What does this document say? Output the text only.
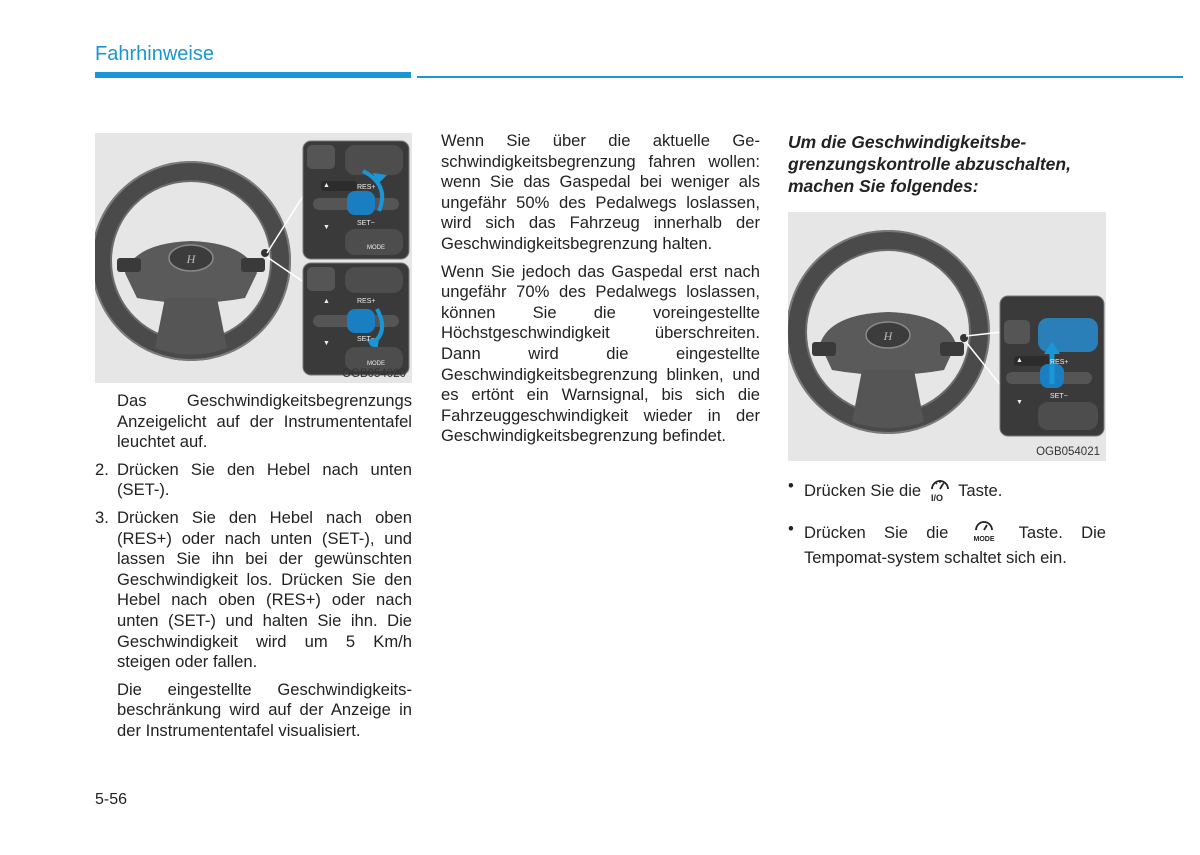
Fahrhinweise
H
RES+
SET−
MODE
▲
▼
RES+
SET−
MODE
▲
▼
OGB054020
H
RES+
SET−
▲
▼
OGB054021

Das Geschwindigkeitsbegrenzungs Anzeigelicht auf der Instrumententafel leuchtet auf.

2. Drücken Sie den Hebel nach unten (SET-).

3. Drücken Sie den Hebel nach oben (RES+) oder nach unten (SET-), und lassen Sie ihn bei der gewünschten Geschwindigkeit los. Drücken Sie den Hebel nach oben (RES+) oder nach unten (SET-) und halten Sie ihn. Die Geschwindigkeit wird um 5 Km/h steigen oder fallen.

Die eingestellte Geschwindigkeitsbeschränkung wird auf der Anzeige in der Instrumententafel visualisiert.

Wenn Sie über die aktuelle Geschwindigkeitsbegrenzung fahren wollen: wenn Sie das Gaspedal bei weniger als ungefähr 50% des Pedalwegs loslassen, wird sich das Fahrzeug innerhalb der Geschwindigkeitsbegrenzung halten.

Wenn Sie jedoch das Gaspedal erst nach ungefähr 70% des Pedalwegs loslassen, können Sie die voreingestellte Höchstgeschwindigkeit überschreiten. Dann wird die eingestellte Geschwindigkeitsbegrenzung blinken, und es ertönt ein Warnsignal, bis sich die Fahrzeuggeschwindigkeit wieder in der Geschwindigkeitsbegrenzung befindet.

Um die Geschwindigkeitsbegrenzungskontrolle abzuschalten, machen Sie folgendes:

• Drücken Sie die I/O Taste.
• Drücken Sie die	MODE Taste. Die Tempomat-system schaltet sich ein.
5-56
